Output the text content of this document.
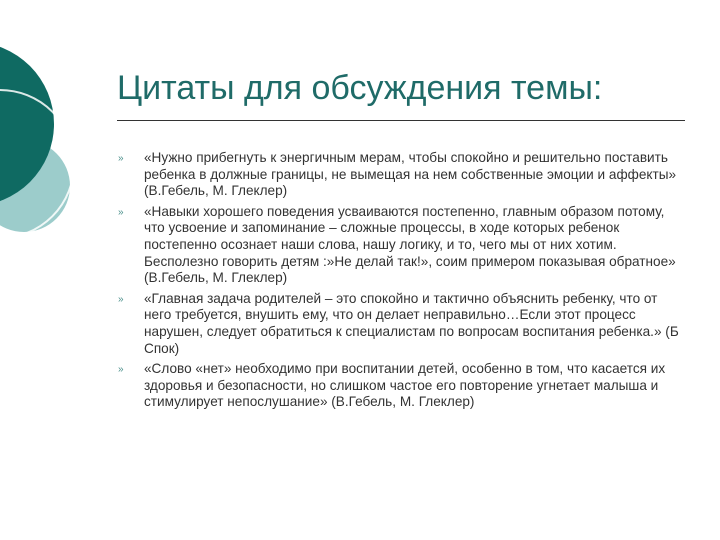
Цитаты для обсуждения темы:
» «Нужно прибегнуть к энергичным мерам, чтобы спокойно и решительно поставить ребенка в должные границы, не вымещая на нем собственные эмоции и аффекты» (В.Гебель, М. Глеклер)
» «Навыки хорошего поведения усваиваются постепенно, главным образом потому, что усвоение и запоминание – сложные процессы, в ходе которых ребенок постепенно осознает наши слова, нашу логику, и то, чего мы от них хотим. Бесполезно говорить детям :»Не делай так!», соим примером показывая обратное» (В.Гебель, М. Глеклер)
» «Главная задача родителей – это спокойно и тактично объяснить ребенку, что от него требуется, внушить ему, что он делает неправильно…Если этот процесс нарушен, следует обратиться к специалистам по вопросам воспитания ребенка.» (Б Спок)
» «Слово «нет» необходимо при воспитании детей, особенно в том, что касается их здоровья и безопасности, но слишком частое его повторение угнетает малыша и стимулирует непослушание» (В.Гебель, М. Глеклер)
